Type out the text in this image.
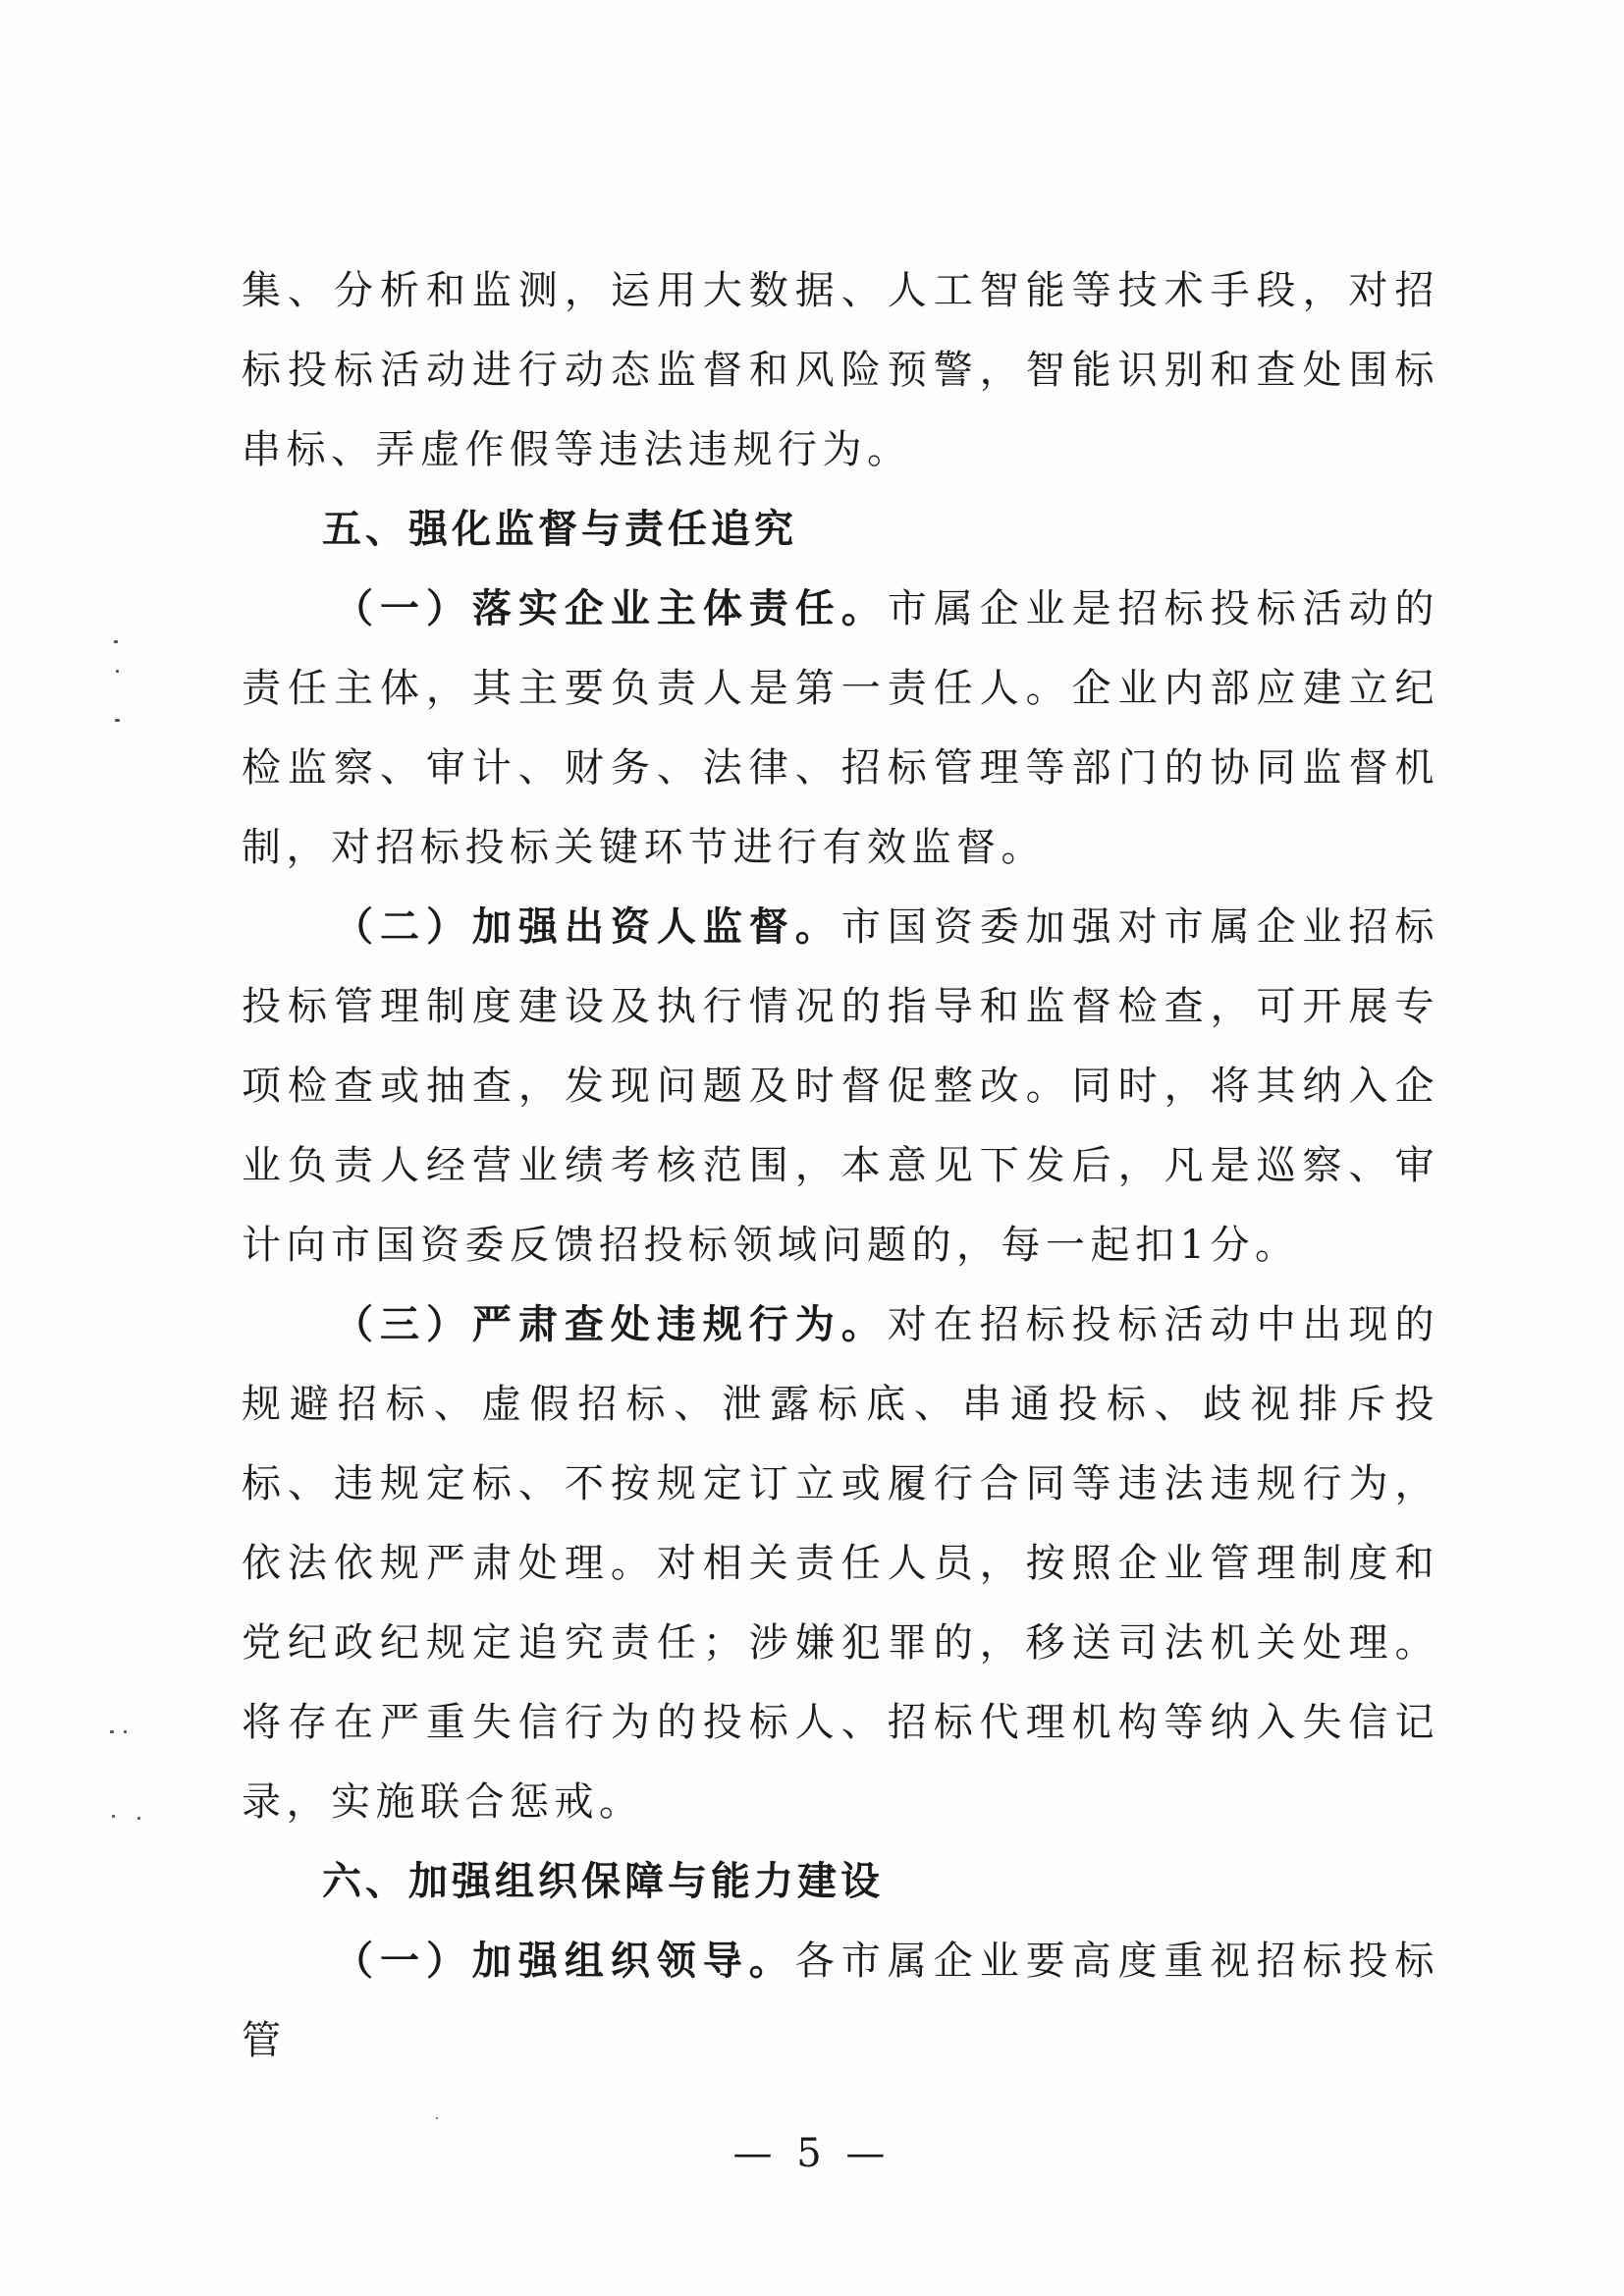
集、分析和监测，运用大数据、人工智能等技术手段，对招标投标活动进行动态监督和风险预警，智能识别和查处围标串标、弄虚作假等违法违规行为。

五、强化监督与责任追究

（一）落实企业主体责任。市属企业是招标投标活动的责任主体，其主要负责人是第一责任人。企业内部应建立纪检监察、审计、财务、法律、招标管理等部门的协同监督机制，对招标投标关键环节进行有效监督。

（二）加强出资人监督。市国资委加强对市属企业招标投标管理制度建设及执行情况的指导和监督检查，可开展专项检查或抽查，发现问题及时督促整改。同时，将其纳入企业负责人经营业绩考核范围，本意见下发后，凡是巡察、审计向市国资委反馈招投标领域问题的，每一起扣1分。

（三）严肃查处违规行为。对在招标投标活动中出现的规避招标、虚假招标、泄露标底、串通投标、歧视排斥投标、违规定标、不按规定订立或履行合同等违法违规行为，依法依规严肃处理。对相关责任人员，按照企业管理制度和党纪政纪规定追究责任；涉嫌犯罪的，移送司法机关处理。将存在严重失信行为的投标人、招标代理机构等纳入失信记录，实施联合惩戒。

六、加强组织保障与能力建设

（一）加强组织领导。各市属企业要高度重视招标投标管

— 5 —
